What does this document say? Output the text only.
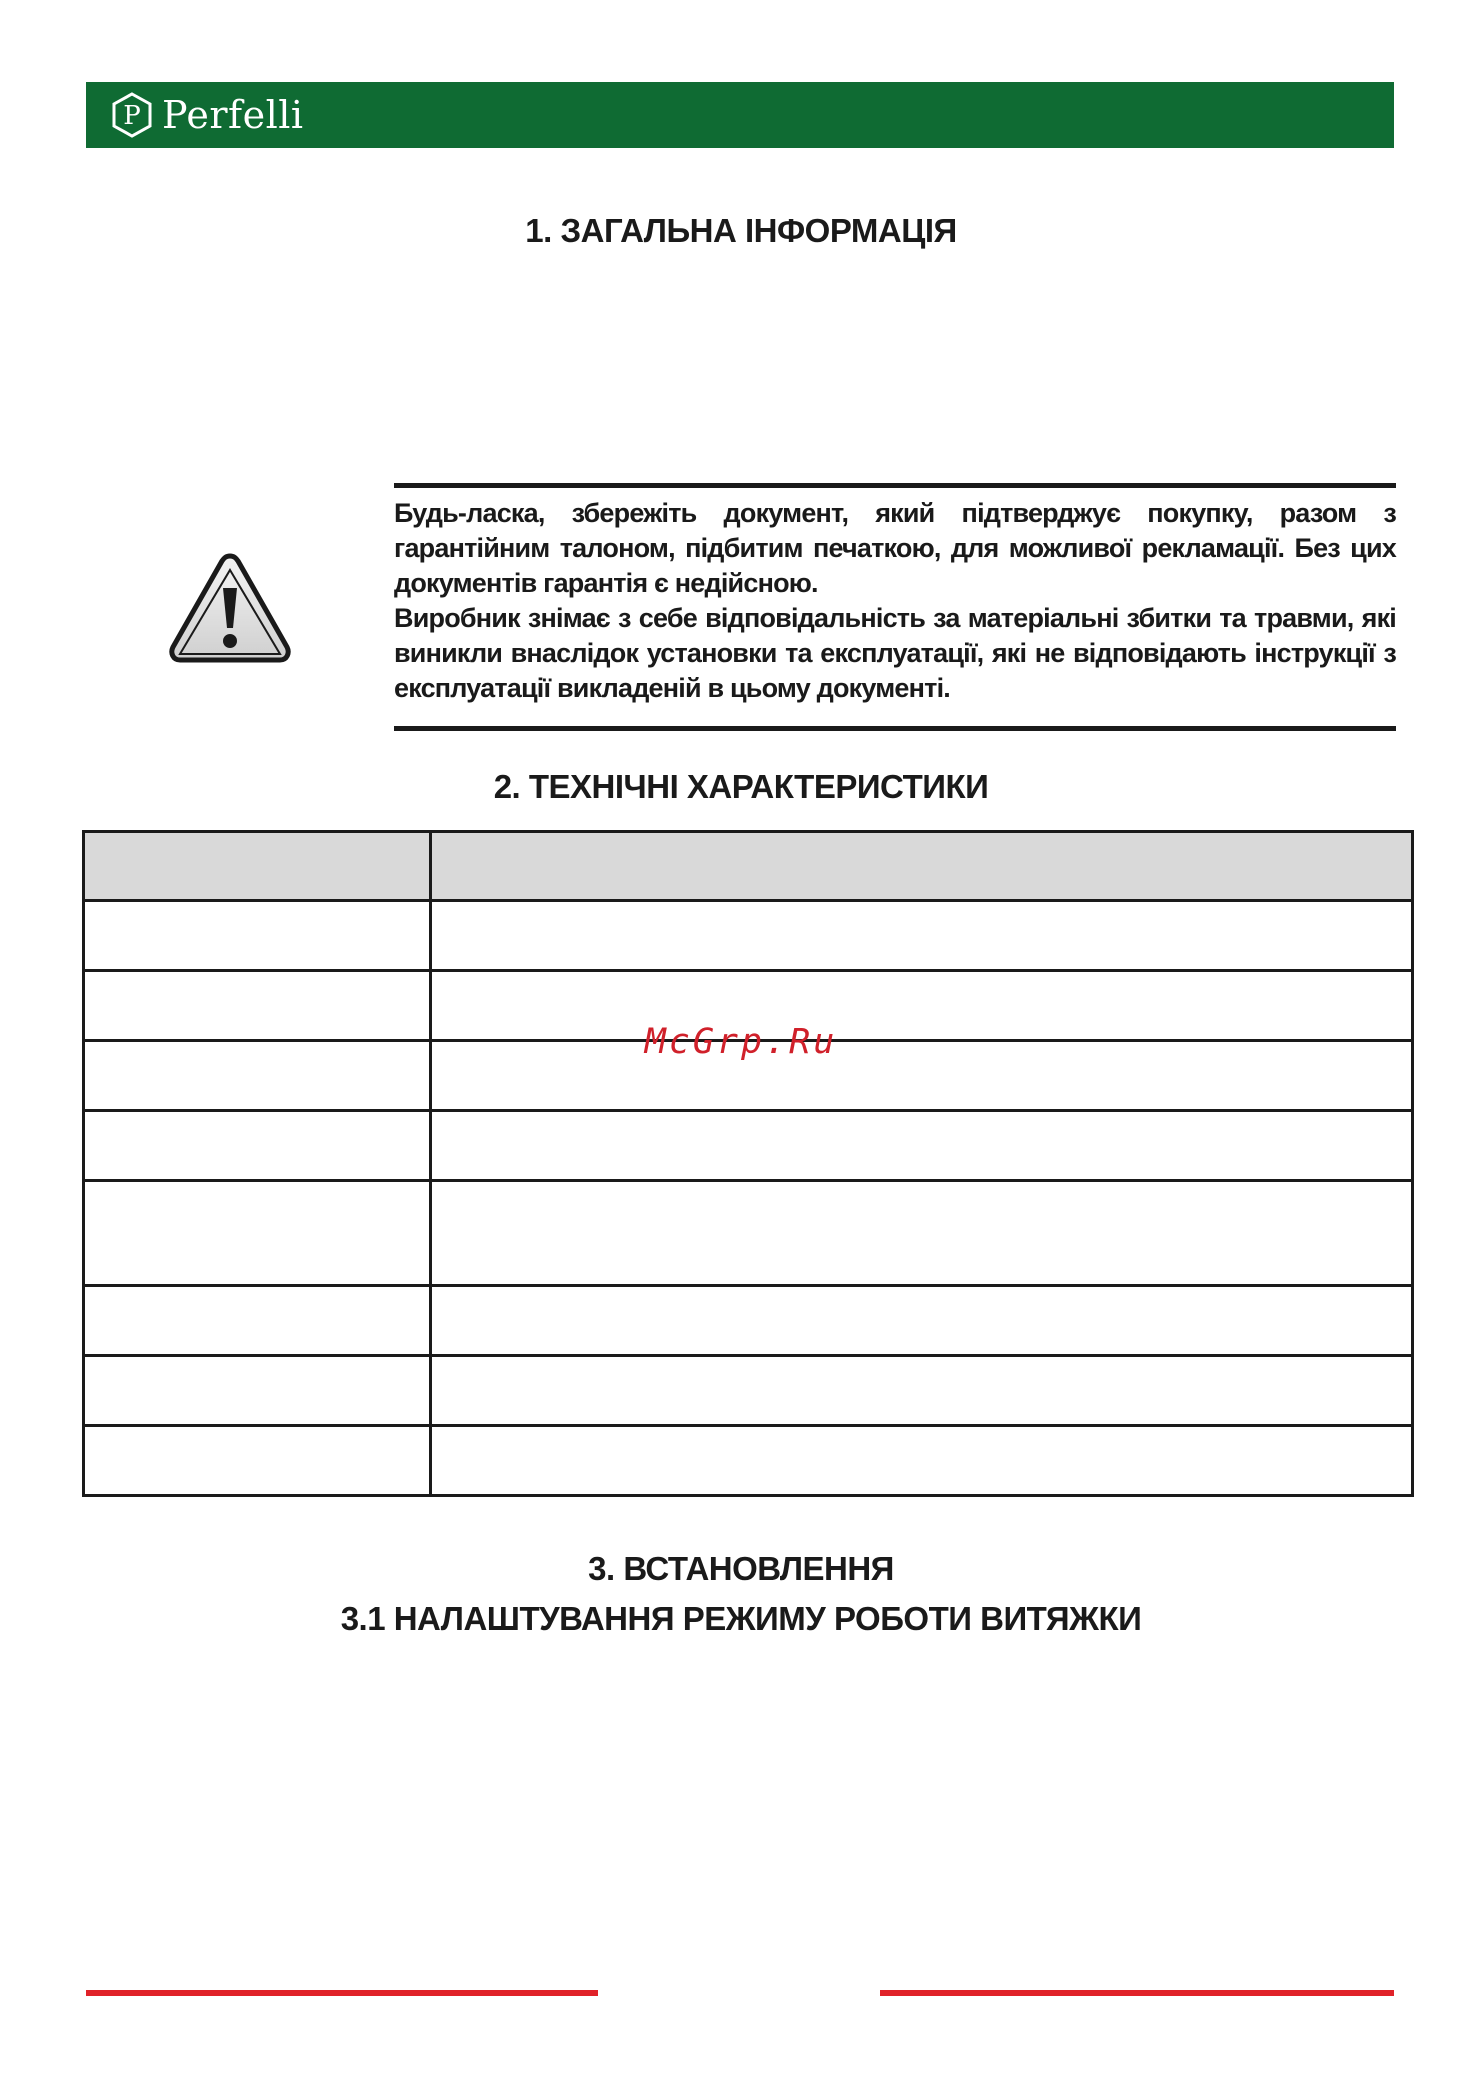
P Perfelli
1. ЗАГАЛЬНА ІНФОРМАЦІЯ

Будь-ласка, збережіть документ, який підтверджує покупку, разом з гарантійним талоном, підбитим печаткою, для можливої рекламації. Без цих документів гарантія є недійсною.

Виробник знімає з себе відповідальність за матеріальні збитки та травми, які виникли внаслідок установки та експлуатації, які не відповідають інструкції з експлуатації викладеній в цьому документі.

2. ТЕХНІЧНІ ХАРАКТЕРИСТИКИ

McGrp.Ru
3. ВСТАНОВЛЕННЯ
3.1 НАЛАШТУВАННЯ РЕЖИМУ РОБОТИ ВИТЯЖКИ
